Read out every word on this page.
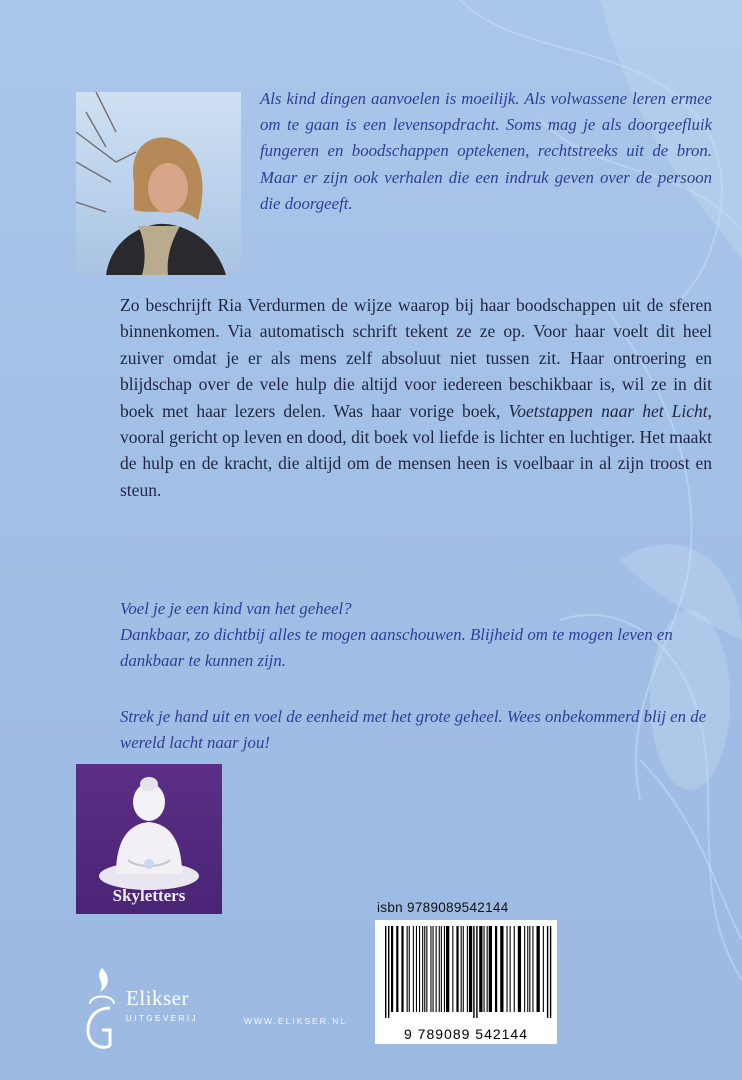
Als kind dingen aanvoelen is moeilijk. Als volwassene leren ermee om te gaan is een levensopdracht. Soms mag je als doorgeefluik fungeren en boodschappen optekenen, rechtstreeks uit de bron. Maar er zijn ook verhalen die een indruk geven over de persoon die doorgeeft.

Zo beschrijft Ria Verdurmen de wijze waarop bij haar boodschappen uit de sferen binnenkomen. Via automatisch schrift tekent ze ze op. Voor haar voelt dit heel zuiver omdat je er als mens zelf absoluut niet tussen zit. Haar ontroering en blijdschap over de vele hulp die altijd voor iedereen beschikbaar is, wil ze in dit boek met haar lezers delen. Was haar vorige boek, Voetstappen naar het Licht, vooral gericht op leven en dood, dit boek vol liefde is lichter en luchtiger. Het maakt de hulp en de kracht, die altijd om de mensen heen is voelbaar in al zijn troost en steun.

Voel je je een kind van het geheel?
Dankbaar, zo dichtbij alles te mogen aanschouwen. Blijheid om te mogen leven en dankbaar te kunnen zijn.

Strek je hand uit en voel de eenheid met het grote geheel. Wees onbekommerd blij en de wereld lacht naar jou!

Skyletters
isbn 9789089542144
9 789089 542144
Elikser
UITGEVERIJ	WWW.ELIKSER.NL
